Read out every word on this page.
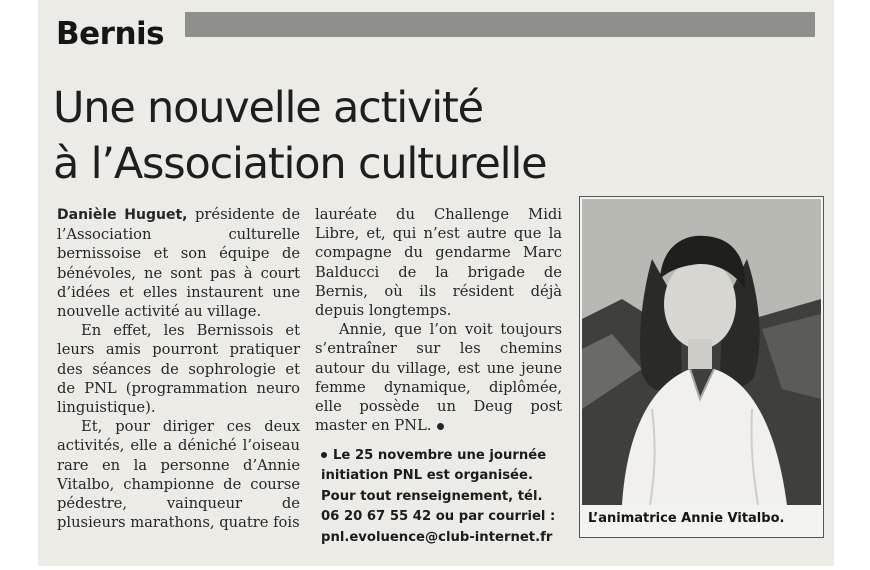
Bernis
Une nouvelle activité
à l’Association culturelle

Danièle Huguet, présidente de l’Association	culturelle bernissoise et son équipe de bénévoles, ne sont pas à court d’idées et elles instaurent une nouvelle activité au village.

En effet, les Bernissois et leurs amis pourront pratiquer des séances de sophrologie et de PNL (programmation neuro linguistique).

Et, pour diriger ces deux activités, elle a déniché l’oiseau rare en la personne d’Annie Vitalbo, championne de course pédestre,	vainqueur	de plusieurs marathons, quatre fois

lauréate du Challenge Midi Libre, et, qui n’est autre que la compagne du gendarme Marc Balducci de la brigade de Bernis, où ils résident déjà depuis longtemps.

Annie, que l’on voit toujours s’entraîner sur les chemins autour du village, est une jeune femme dynamique, diplômée, elle possède un Deug post master en PNL.

Le 25 novembre une journée
initiation PNL est organisée.
Pour tout renseignement, tél.
06 20 67 55 42 ou par courriel :
pnl.evoluence@club-internet.fr
L’animatrice Annie Vitalbo.
